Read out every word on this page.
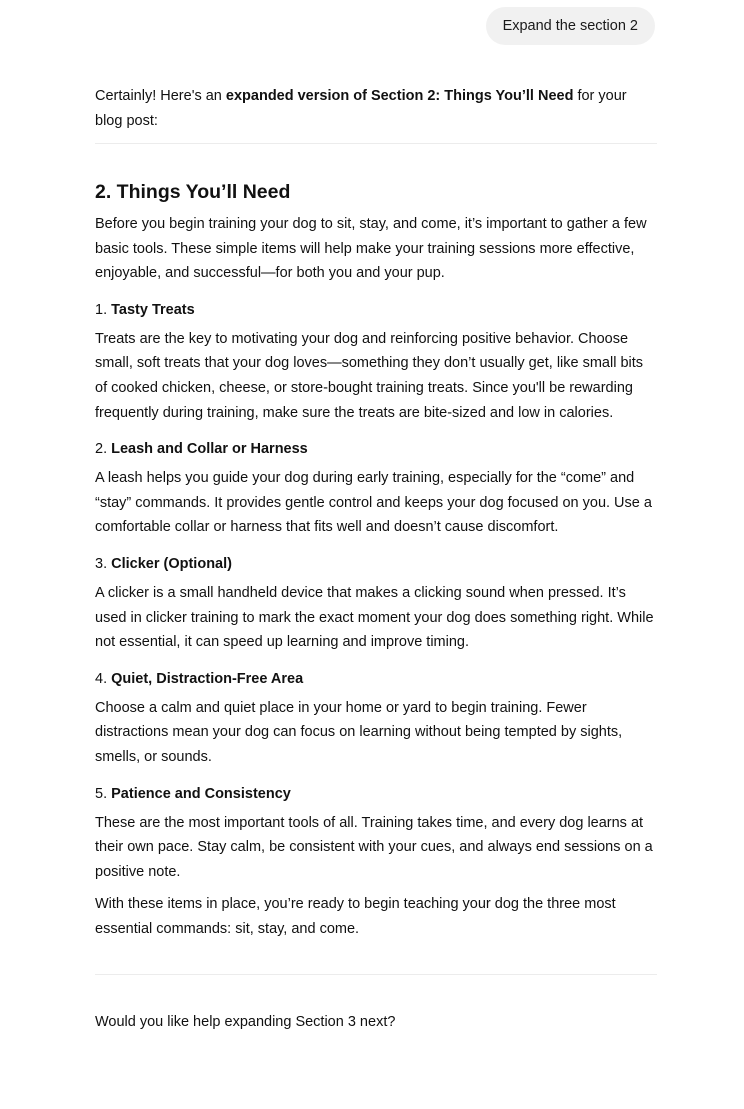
Expand the section 2

Certainly! Here's an expanded version of Section 2: Things You’ll Need for your blog post:

2. Things You’ll Need

Before you begin training your dog to sit, stay, and come, it’s important to gather a few basic tools. These simple items will help make your training sessions more effective, enjoyable, and successful—for both you and your pup.

1. Tasty Treats

Treats are the key to motivating your dog and reinforcing positive behavior. Choose small, soft treats that your dog loves—something they don’t usually get, like small bits of cooked chicken, cheese, or store-bought training treats. Since you'll be rewarding frequently during training, make sure the treats are bite-sized and low in calories.

2. Leash and Collar or Harness

A leash helps you guide your dog during early training, especially for the “come” and “stay” commands. It provides gentle control and keeps your dog focused on you. Use a comfortable collar or harness that fits well and doesn’t cause discomfort.

3. Clicker (Optional)

A clicker is a small handheld device that makes a clicking sound when pressed. It’s used in clicker training to mark the exact moment your dog does something right. While not essential, it can speed up learning and improve timing.

4. Quiet, Distraction-Free Area

Choose a calm and quiet place in your home or yard to begin training. Fewer distractions mean your dog can focus on learning without being tempted by sights, smells, or sounds.

5. Patience and Consistency

These are the most important tools of all. Training takes time, and every dog learns at their own pace. Stay calm, be consistent with your cues, and always end sessions on a positive note.

With these items in place, you’re ready to begin teaching your dog the three most essential commands: sit, stay, and come.

Would you like help expanding Section 3 next?
